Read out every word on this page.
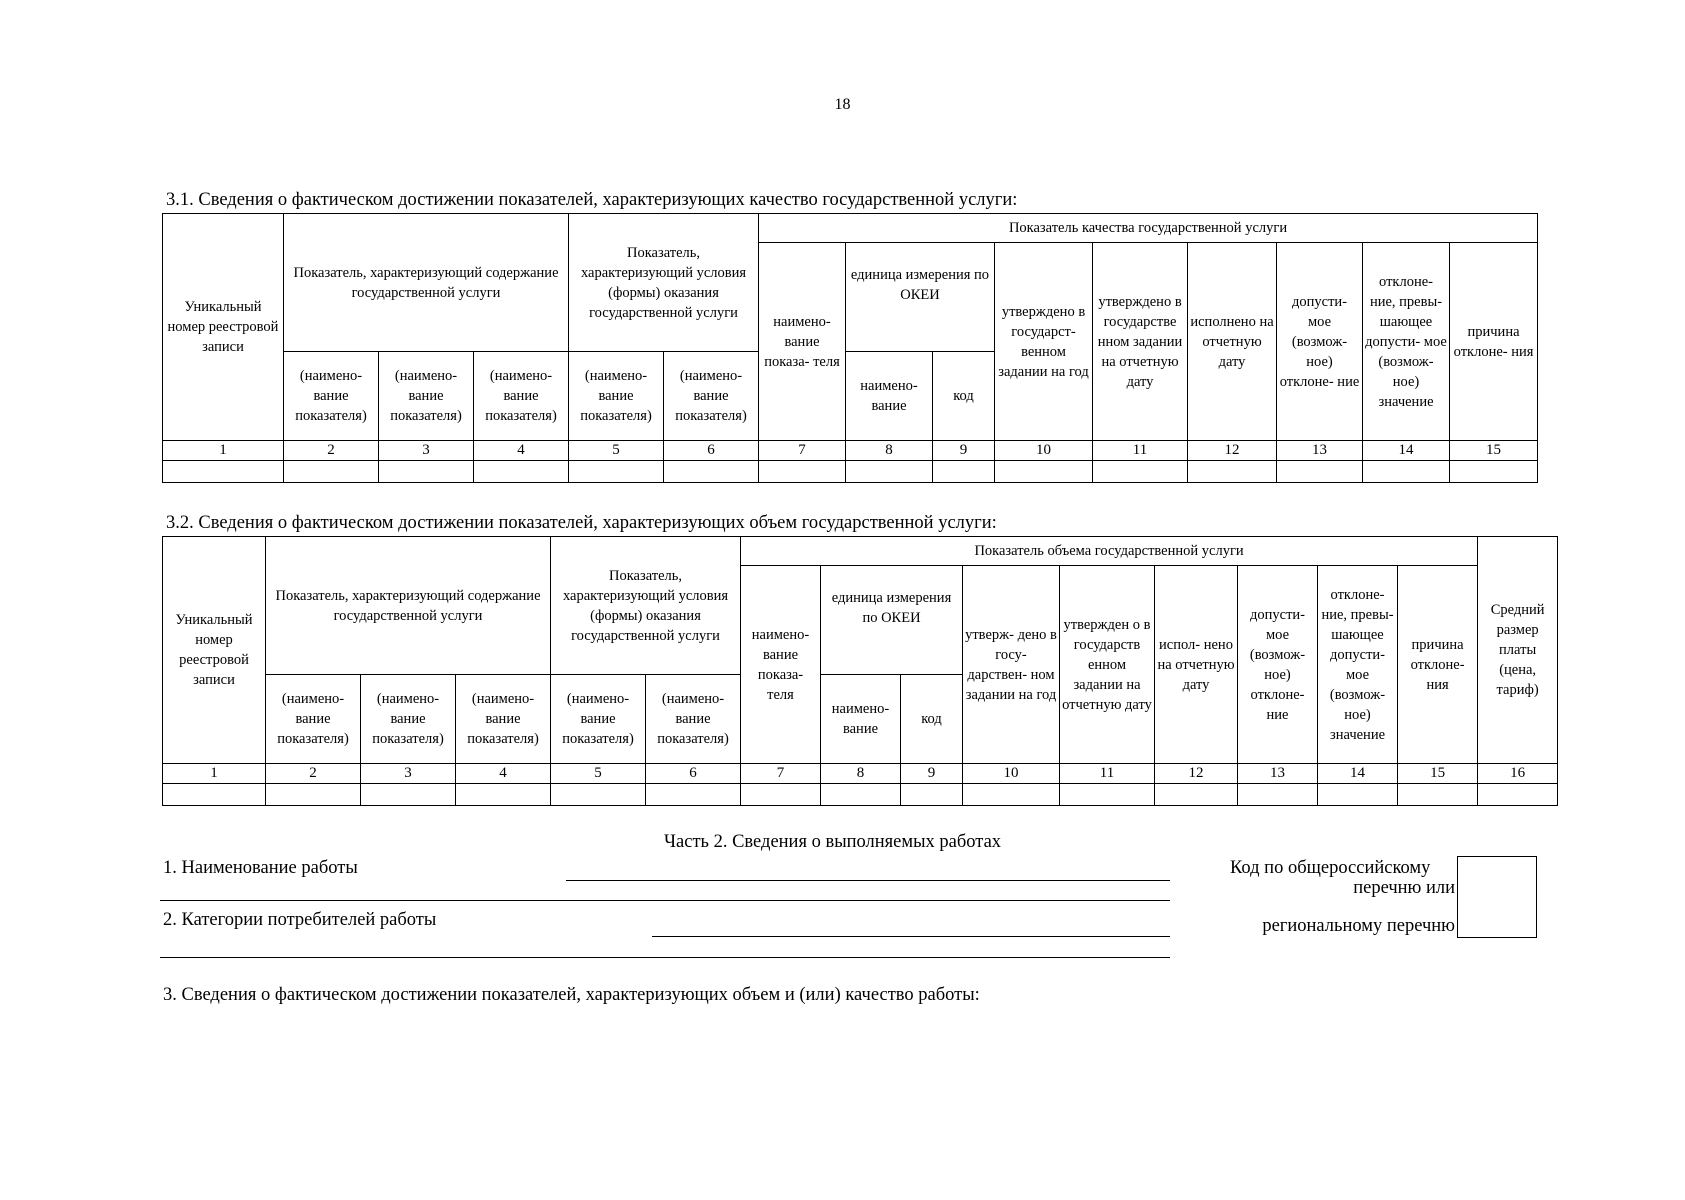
18
3.1. Сведения о фактическом достижении показателей, характеризующих качество государственной услуги:
Уникальный номер реестровой записи	Показатель, характеризующий содержание государственной услуги			Показатель, характеризующий условия (формы) оказания государственной услуги		Показатель качества государственной услуги								
						наимено- вание показа- теля	единица измерения по ОКЕИ		утверждено в государст- венном задании на год	утверждено в государстве нном задании на отчетную дату	исполнено на отчетную дату	допусти- мое (возмож- ное) отклоне- ние	отклоне- ние, превы- шающее допусти- мое (возмож- ное) значение	причина отклоне- ния
	(наимено- вание показателя)	(наимено- вание показателя)	(наимено- вание показателя)	(наимено- вание показателя)	(наимено- вание показателя)		наимено- вание	код						
1	2	3	4	5	6	7	8	9	10	11	12	13	14	15

3.2. Сведения о фактическом достижении показателей, характеризующих объем государственной услуги:
Уникальный номер реестровой записи	Показатель, характеризующий содержание государственной услуги			Показатель, характеризующий условия (формы) оказания государственной услуги		Показатель объема государственной услуги									Средний размер платы (цена, тариф)
						наимено- вание показа- теля	единица измерения по ОКЕИ		утверж- дено в госу- дарствен- ном задании на год	утвержден о в государств енном задании на отчетную дату	испол- нено на отчетную дату	допусти- мое (возмож- ное) отклоне- ние	отклоне- ние, превы- шающее допусти- мое (возмож- ное) значение	причина отклоне- ния	
	(наимено- вание показателя)	(наимено- вание показателя)	(наимено- вание показателя)	(наимено- вание показателя)	(наимено- вание показателя)		наимено- вание	код							
1	2	3	4	5	6	7	8	9	10	11	12	13	14	15	16

Часть 2. Сведения о выполняемых работах
1. Наименование работы
2. Категории потребителей работы
Код по общероссийскому
перечню или
региональному перечню
3. Сведения о фактическом достижении показателей, характеризующих объем и (или) качество работы:
